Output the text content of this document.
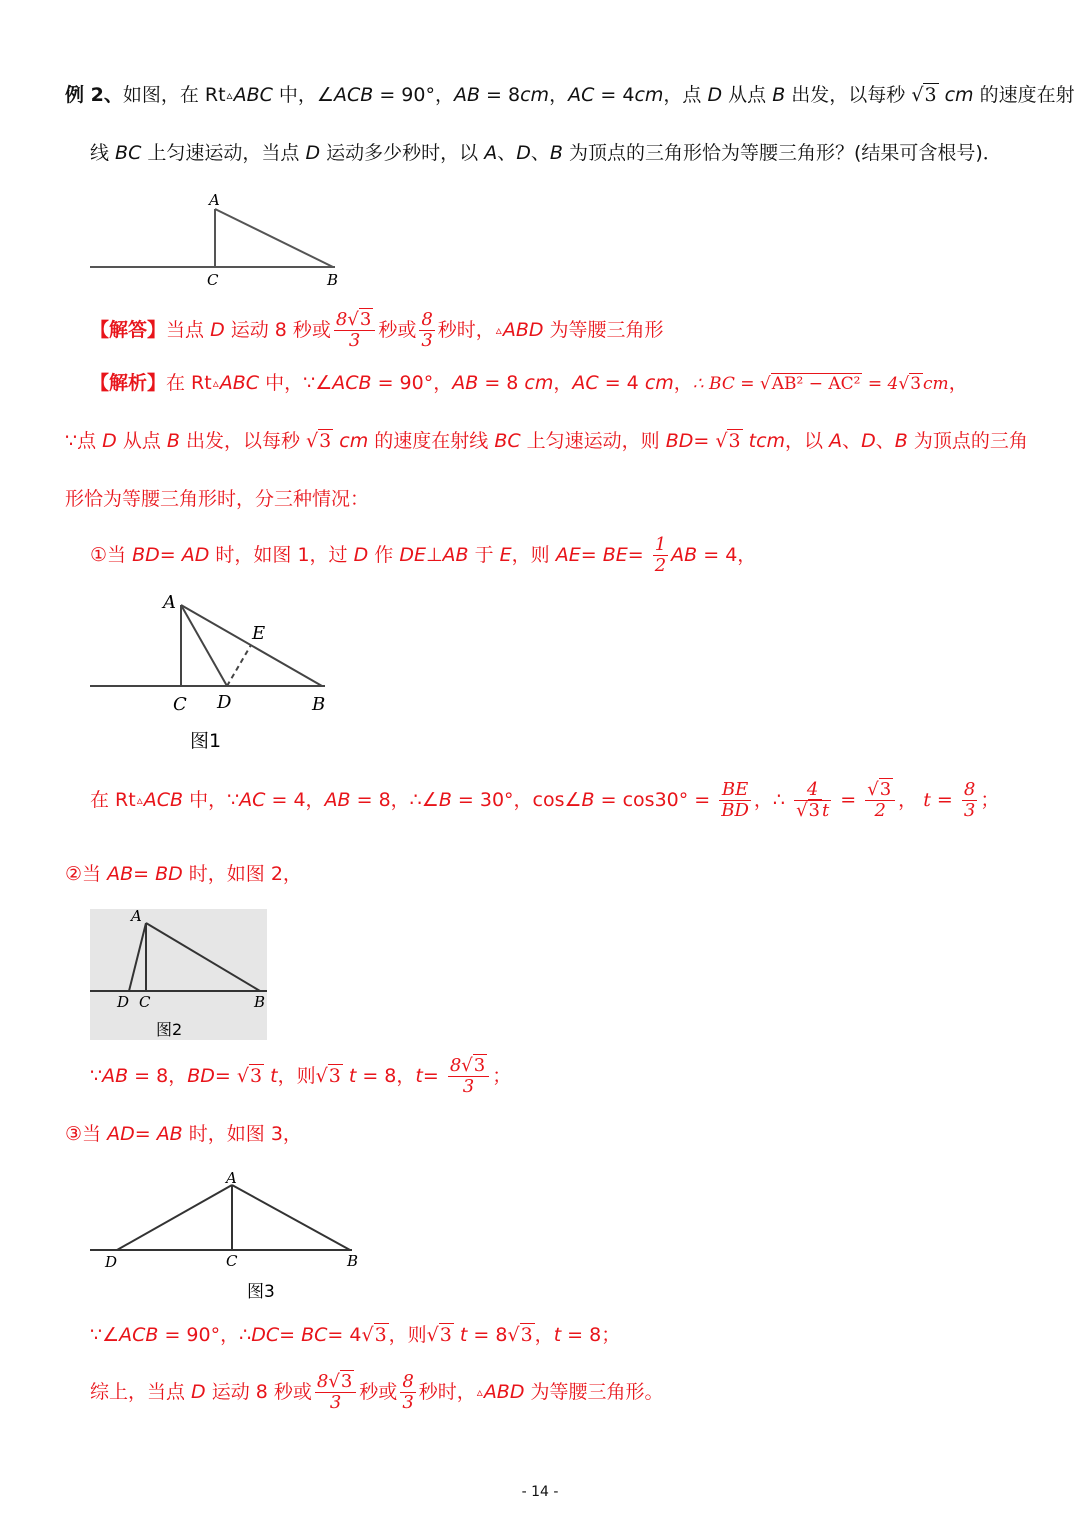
例 2、如图，在 Rt▵ABC 中，∠ACB = 90°，AB = 8cm，AC = 4cm，点 D 从点 B 出发，以每秒 √3 cm 的速度在射
线 BC 上匀速运动，当点 D 运动多少秒时，以 A、D、B 为顶点的三角形恰为等腰三角形？(结果可含根号)．
A
C	B
【解答】当点 D 运动 8 秒或 $\frac{8√3}{3}$ 秒或 $\frac{8}{3}$ 秒时，▵ABD 为等腰三角形
【解析】在 Rt▵ABC 中，∵∠ACB = 90°，AB = 8 cm，AC = 4 cm，∴ BC = √AB² − AC² = 4√3 cm，
∵点 D 从点 B 出发，以每秒 √3 cm 的速度在射线 BC 上匀速运动，则 BD= √3 tcm，以 A、D、B 为顶点的三角
形恰为等腰三角形时，分三种情况：
①当 BD= AD 时，如图 1，过 D 作 DE⊥AB 于 E，则 $AE= BE= \frac{1}{2}$ AB = 4，
A
E
C D	B
图1
在 Rt▵ACB 中，∵AC = 4，AB = 8，∴∠B = 30°，cos∠B = $\cos 30^\circ = \frac{BE}{BD}$ ，∴ $\frac{4}{√3 t} = \frac{√3}{2}$ ， $t = \frac{8}{3}$ ；
②当 AB= BD 时，如图 2，
A
D C	B
图2
∵AB = 8，BD= √3 t，则√3 t = 8，$t= \frac{8√3}{3}$ ；
③当 AD= AB 时，如图 3，
A
D	C	B
图3
∵∠ACB = 90°，∴DC= BC= 4√3 ，则√3 t = 8√3 ，t = 8；
综上，当点 D 运动 8 秒或 $\frac{8√3}{3}$ 秒或 $\frac{8}{3}$ 秒时，▵ABD 为等腰三角形。
- 14 -
